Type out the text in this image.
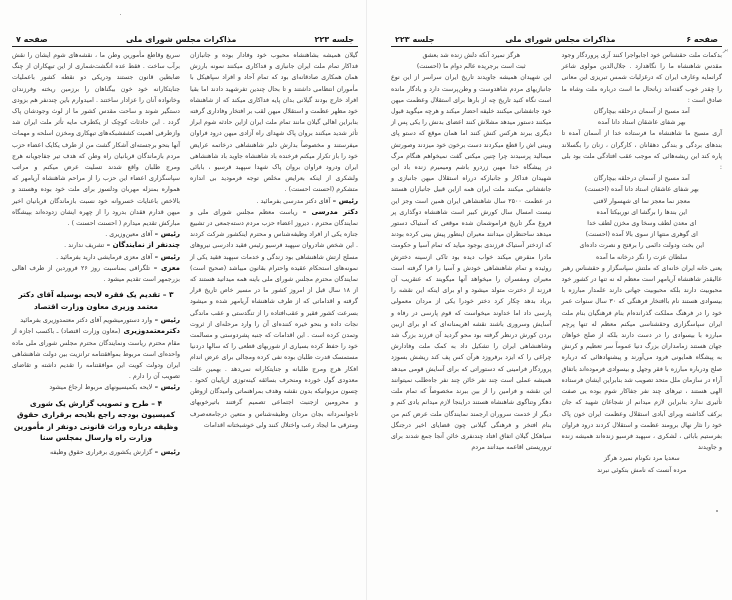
جلسه ۲۲۳
مذاکرات مجلس شورای ملی
صفحه ۷

گیلان همیشه بشاهنشاه محبوب خود وفادار بوده و جانبازان فداکار تمام ملت ایران جانبازی و فداکاری میکنند نمونه بارزش همان همکاری صادقانه‌ای بود که تمام آحاد و افراد سپاهیکل با مأموران انتظامی داشتند و تا بحال چندین تفرشهید دادند اما بقیا افراد خارج بودند گیلانی بدان پایه فداکاری میکند که از شاهنشاه خود مظهر عظمت و استقلال میهن لقب بر افتخار وفاداری گرفته بنابراین اهالی گیلان مانند تمام ملت ایران ازاین حادثه شوم ابراز تأثر شدید میکنند بروان پاک شهدای راه آزادی میهن درود فراوان میفرستند و مخصوصاً بدارش دلیر شاهنشاهی درخاتمه عرایض خود را باز تکرار میکنم فرخنده باد شاهنشاه جاوید باد شاهنشاهی ایران ودرود فراوان بروان پاک شهدا سپهبد فرسیو ، بابائی ولشکری از اینکه بعرایض مخلص توجه فرمودید بی اندازه متشکرم (احسنت احسنت) .

رئیس – آقای دکتر مدرسی بفرمائید .

دکتر مدرسی – ریاست معظم مجلس شورای ملی و نمایندگان محترم ، دیروز اعضاء حزب مردم دسته‌جمعی در تشییع جنازه یکی از افراد وظیفه‌شناس و محترم اینکشور شرکت کردند . این شخص شادروان سپهبد فرسیو رئیس فقید دادرسی نیروهای مسلح ارتش شاهنشاهی بود زندگی و خدمات سپهبد فقید یکی از نمونه‌های استحکام عقیده واحترام بقانون میباشد (صحیح است) نمایندگان محترم مجلس شورای ملی باینه همه میدانید هستند که از ۱۸ سال قبل از امروز کشور ما در مسیر خاص تاریخ قرار گرفته و اقداماتی که از طرف شاهنشاه آریامهر شده و میشود بسرعت کشور فقیر و عقب‌افتاده را از تنگدستی و عقب ماندگی نجات داده و بنحو خیره کننده‌ای آن را وارد مرحله‌ای از ثروت وتمدن کرده است . این اقدامات که جنبه پشردوستی و مسالمت خود را حفظ کرده بسیاری از شوربهای قطعی را که سالها دردنیا مستمسک قدرت طلبان بوده نفی کرده ومجالی برای عرض اندام افکار هرج ومرج طلبانه و جنایتکارانه نمی‌دهد . بهمین علت معدودی گول خورده ومنحرف بسائقه کینه‌توزی ازپایبان کحود . چسون مزبوانیکه بدون نقشه وهدف بمراهنماتی وامیدگان ازوطن و محرومین ازجنبت اجتماعی تصمیم گرفتند باتیرخوبهای ناجوانمردانه بجان مردان وظیفه‌شناس و متعین درجامعه‌صرف ومترقی ما ایجاد رعب واختلال کنند ولی خوشبختانه اقدامات

سریع وقاطع مأمورین وطن ما ، نقشه‌های شوم ایشان را نقش برآب ساخت . فقط عده انگشت‌شماری از این تبهکاران از چنگ ضابطین قانون جستند ودریکی دو نقطه کشور باعملیات جنایتکارانه خود خون بیگناهان را برزمین ریخته وفرزندان وخانواده آنان را عزادار ساختند . امیدوارم باین چندنفر هم بزودی دستگیر شوند و ساحت مقدس کشور ما از لوث وجودشان پاک گردد . این حادثات کوچک از یکطرف مایه تأثر ملت ایران شد وازطرفی اهمیت کشفشبکه‌های تبهکاری ومخزن اسلحه و مهمات آنها بنحو برجسته‌ای آشکار گشت من از طرف یکایک اعضاء حزب مردم بازماندگان قربانیان راه وطن که هدف تیر جفاجویانه هرج ومرج طلبان واقع شدند تسلیت عرض میکنم و مراتب سپاسگزاری اعضاء این حزب را از مراحم شاهنشاه آریامهر که همواره بمنزله مهربان ودلسوز برای ملت خود بوده وهستند و بالاخص باعنایات خسروانه خود نسبت بازماندگان قربانیان اخیر میهن قدارم فقدان بدرود را از چهره ایشان زدوده‌اند بپیشگاه مبارکش تقدیم میدارم ( احسنت احسنت ) .

رئیس – آقای معین‌وزیری .

چندنفر از نمایندگان – تشریف ندارند .

رئیس – آقای معزی فرمایشی دارید بفرمائید .

معزی – تلگرافی بمناسبت روز ۲۶ فروردین از طرف اهالی بزرجمهر است تقدیم میشود .

۳ – تقدیم یک فقره لایحه بوسیله آقای دکتر معتمد وزیری معاون وزارت اقتصاد

رئیس – وارد دستورمیشویم آقای دکتر معتمدوزیری بفرمائید

دکترمعتمدوزیری (معاون وزارت اقتصاد) ـ باکسب اجازه از مقام محترم ریاست ونمایندگان محترم مجلس شورای ملی ماده واحده‌ای است مربوط بموافقتنامه ترانزیت بین دولت شاهنشاهی ایران ودولت کویت این موافقتنامه را تقدیم داشته و تقاضای تصویب آن را دارم .

رئیس – لایحه بکمیسیونهای مربوط ارجاع میشود

۴ – طرح و تصویب گزارش یک شوری کمیسیون بودجه راجع بلایحه برقراری حقوق وظیفه درباره وراث قانونی دونفر از مأمورین وزارت راه وارسال بمجلس سنا

رئیس – گزارش یکشوری برقراری حقوق وظیفه

صفحه ۶
مذاکرات مجلس شورای ملی
جلسه ۲۲۳

بدکمات ملت حقشناس خود اجابواجرا کنند آری پروردگار وجود مقدس شاهنشاه ما را نگاهدارد . جلال‌الدین مولوی شاعر گرانمایه وعارف ایران که درغزلیات شمس تبریزی این معانی را چقدر خوب گفته‌اند زبانحال ما است درباره ملت وشاه ما صادق است :

آمد مسیح از آسمان درحلقه بیچارگان

بهر شفای عاشقان استاد دانا آمده

آری مسیح ما شاهنشاه ما فرستاده خدا از آسمان آمده تا بندهای بردگی و بندگی دهقانان ، کارگران ، زنان را بگسلاند پاره کند این ریشه‌هائی که موجب عقب افتادگی ملت بود بلی :

آمد مسیح از آسمان درحلقه بیچارگان

بهر شفای عاشقان استاد دانا آمده (احسنت)

معجز نما معجز نما ای شهسوار لافتی

این بندها را برگشا ای نوربیکتا آمده

ای معدن لطف وسخا وی مخزن لطف خدا

ای گوهری منتها از سوی بالا آمده (احسنت)

این بخت ودولت دائمی را برفتح و نصرت داده‌ای

سلطان عزت را نگر درخانه ما آمده

یعنی خانه ایران خانه‌ای که ملتش سپاسگزار و حقشناس رهبر عالیقدر شاهنشاه آریامهر است معظم له نه تنها در کشور خود محبوبیت دارند بلکه محبوبیت جهانی دارند علمدار مبارزه با بیسوادی هستند نام باافتخار فرهنگی که ۳۰ سال سنوات عمر خود را در فرهنگ مملکت گذرانده‌ام بنام فرهنگیان بنام ملت ایران سپاسگزاری وحقشناسی میکنم معظم له تنها پرچم مبارزه با بیسوادی را در دست دارند بلکه از صلح خواهان جهان هستند زمامداران بزرگ دنیا عموماً سر تعظیم و کرنش به پیشگاه همایونی فرود می‌آورند و پیشنهادهائی که درباره صلح ودرباره مبارزه با فقر وجهل و بیسوادی فرموده‌اند باتفاق آراء در سازمان ملل متحد تصویب شد بنابراین ایشان فرستاده الهی هستند ، تیرهای چند نفر جفاکار شوم بوده یی صفت تأثیری ندارد بنابراین لازم میدانم از شجاعان شهید که جان برکف گذاشته وبرای آبادی استقلال وعظمت ایران خون پاک خود را نثار نهال برومند عظمت و استقلال کردند درود فراوان بفرستیم بابائی ، لشکری ، سپهبد فرسیو زنده‌اند همیشه زنده و جاویدند

سعدیا مرد نکونام نمیرد هرگز

مرده آنست که نامش بنکوئی نبرند

هرگز نمیرد آنکه دلش زنده شد بعشق

ثبت است برجریده عالم دوام ما (احسنت)

این شهیدان همیشه جاویدند تاریخ ایران سراسر از این نوع جانبازیهای مردم شاهدوست و وطن‌پرست دارد و یادگار مانده است نگاه کنید تاریخ چه از بارها برای استقلال وعظمت میهن خود جانفشانی میکنند خلیفه احضار میکند و هرچه میگوید قبول میکنند دستور میدهد مشلاش کنند اعضای بدنش را یکی پس از دیگری ببرند هرکس کنش کنند اما همان موقع که دستو پای وبینی اش را قطع میکردند دست برخون خود میزدند وصورتش میمالید پرسیدند چرا چنین میکنی گفت نمیخواهم هنگام مرگ در پیشگاه خدا مهین زردرو باشم ومیمیرم زنده باد این شهیدان فداکار و جانبازکه درراه استقلال میهن جانبازی و جانفشانی میکنند ملت ایران همه ازاین قبیل جانبازان هستند در عظمت ۲۵۰۰ سال شاهنشاهی ایران همین است وجز این نیست امسال سال کورش کبیر است شاهنشاه دوگذاری پر فروغ مگر تاریخ فراموشمان شده موقعی که آستیاک دستور میدهد ساحنظران میدانند معبران اینطور پیش بینی کرده بودند که ازدختر آستیاک فرزندی بوجود میاید که تمام آسیا و حکومت مادرا منقرض میکند خواب دیده بود تاکی ازسینه دخترش روئیده و تمام شاهنشاهی خودش و آسیا را فرا گرفته است معبران ومفسران را میخواهد آنها میگویند که عنقریب آن فرزند از دخترت متولد میشود و او برای اینکه این نقشه را برباد بدهد چکار کرد دختر خودرا یکی از مردان معمولی پارسی داد اما خداوند میخواست که قوم پارسی در رفاه و آسایش وسروری باشند نقشه اهریمنانه‌ای که او برای ازبین بردن کورش درنظر گرفته بود محو گردید آن فرزند بزرگ شد وشاهنشاهی ایران را تشکیل داد به کمک ملت وفادارش چراغی را که ایزد برفروزد هرآن کس پف کند ریشش بسوزد پروردگار فرامینی که دستوراتی که برای آسایش قومی میدهد همیشه عملی است چند نفر خائن چند نفر جاه‌طلب نمیتوانند این نقشه و فرامین را از بین ببرند مخصوصاً که تمام ملت دهگر وتناگوی شاهنشاه هستند دراینجا لازم میدانم یادی کنم و دیگر از خدمت سروران ارجمند نمایندگان ملت عرض کنم من بنام افتخر و فرهنگی گیلانی چون قضایای اخیر درجنگل سیاهکل گیلان اتفاق افتاد چندنفری خائن آنجا جمع شدند برای تروریستی اقاعمه میدانند مردم

بر
